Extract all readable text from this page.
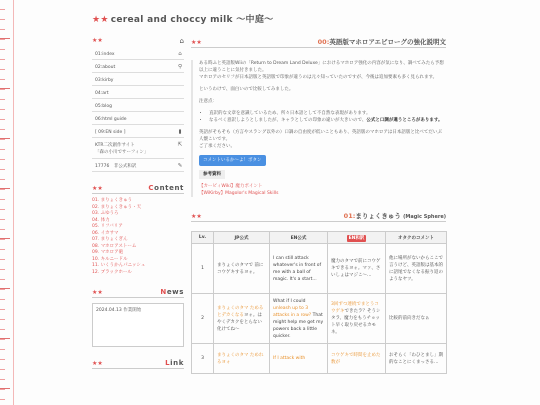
★★ cereal and choccy milk 〜中庭〜
★★	⌂
01:index	⌂
02:about	⚲
03:kirby
04:art
05:blog
06:html guide
[ 09:EN side ]	▮
KTR二次創作サイト
「森の小川でサーフィン」
⇱
17776　非公式和訳	✎
★★	Content
01. まりょくきゅう
02. まりょくきゅう・天
03. ふゆうろ
04. 体力
05. リフバリア
06. イカサマ
07. まりょくぎん
08. マホロアストーム
09. マホロア砲
10. キルニードル
11. いくうかんパニッシュ
12. ブラックホール
★★	News
2024.04.13 作業開始
★★	Link
★★	00:英語版マホロアエピローグの強化説明文

ある時ふと英語版Wiiの「Return to Dream Land Deluxe」におけるマホロア強化の内容が気になり、調べてみたら予想以上に違うことに気付きました。

マホロアのセリフが日本語版と英語版で印象が違うのは元々知っていたのですが、今後は追加要素も多く見られます。

というわけで、面白いので比較してみました。

注意点：

• 直訳的な文章を意識しているため、所々日本語として不自然な表現があります。
• なるべく意訳しようとしましたが、キャラとしての印象の違いが大きいので、公式と口調が違うところがあります。

英語がそもそも（方言やスラング以外の）口調の自由度が低いこともあり、英語版のマホロアは日本語版と比べてだいぶ人懐こいです。

ご了承ください。

コメントいるか〜よ！ボタン
参考資料
【カービィWiki】魔力ポイント
【WiKirby】Magolor's Magical Skills
★★	01:まりょくきゅう (Magic Sphere)
Lv.	JP公式	EN公式	EN和訳	オタクのコメント
1	まりょくのタマで 前にコウゲキするヨォ。	I can still attack whatever's in front of me with a ball of magic. It's a start...	魔力のタマで前にコウゲキできるヨォ。マァ、さいしょはマジこ〜…	他に場所がないからここで言うけど、英語版は基本的に語尾でなくなる振り返のようなヤツ。
2	まりょくのタマ ためるとデカくなるヨォ。はやくデカクをとらない化けてね〜	What if I could unleash up to 3 attacks in a row? That might help me get my powers back a little quicker.	3回ずつ連続でまとうコウゲキできたラ？そうシタラ、魔力をもうチョット早く取り戻せるカモネ。	比較的前向きだなぁ
3	まりょくのタマ ためれるヨォ	If I attack with	コウゲキで時間を止めた数が	おそらく「わひとまし」期的なことにくまっさる…
